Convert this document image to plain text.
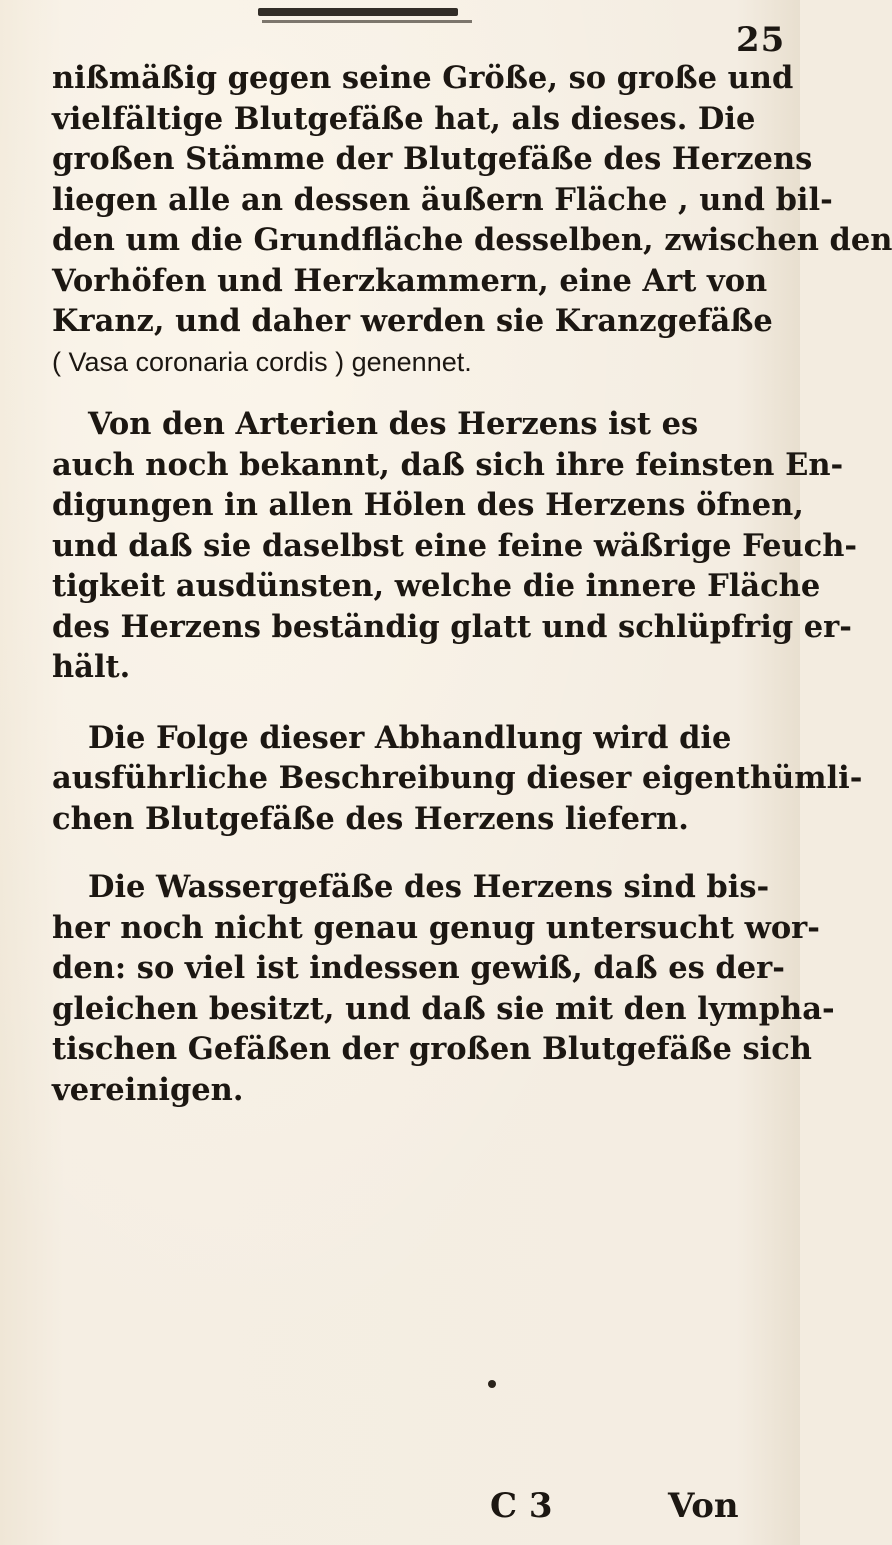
25

nißmäßig gegen seine Größe, so große und
vielfältige Blutgefäße hat, als dieses. Die
großen Stämme der Blutgefäße des Herzens
liegen alle an dessen äußern Fläche , und bil-
den um die Grundfläche desselben, zwischen den
Vorhöfen und Herzkammern, eine Art von
Kranz, und daher werden sie Kranzgefäße
( Vasa coronaria cordis ) genennet.

Von den Arterien des Herzens ist es
auch noch bekannt, daß sich ihre feinsten En-
digungen in allen Hölen des Herzens öfnen,
und daß sie daselbst eine feine wäßrige Feuch-
tigkeit ausdünsten, welche die innere Fläche
des Herzens beständig glatt und schlüpfrig er-
hält.

Die Folge dieser Abhandlung wird die
ausführliche Beschreibung dieser eigenthümli-
chen Blutgefäße des Herzens liefern.

Die Wassergefäße des Herzens sind bis-
her noch nicht genau genug untersucht wor-
den: so viel ist indessen gewiß, daß es der-
gleichen besitzt, und daß sie mit den lympha-
tischen Gefäßen der großen Blutgefäße sich
vereinigen.

C 3	Von
